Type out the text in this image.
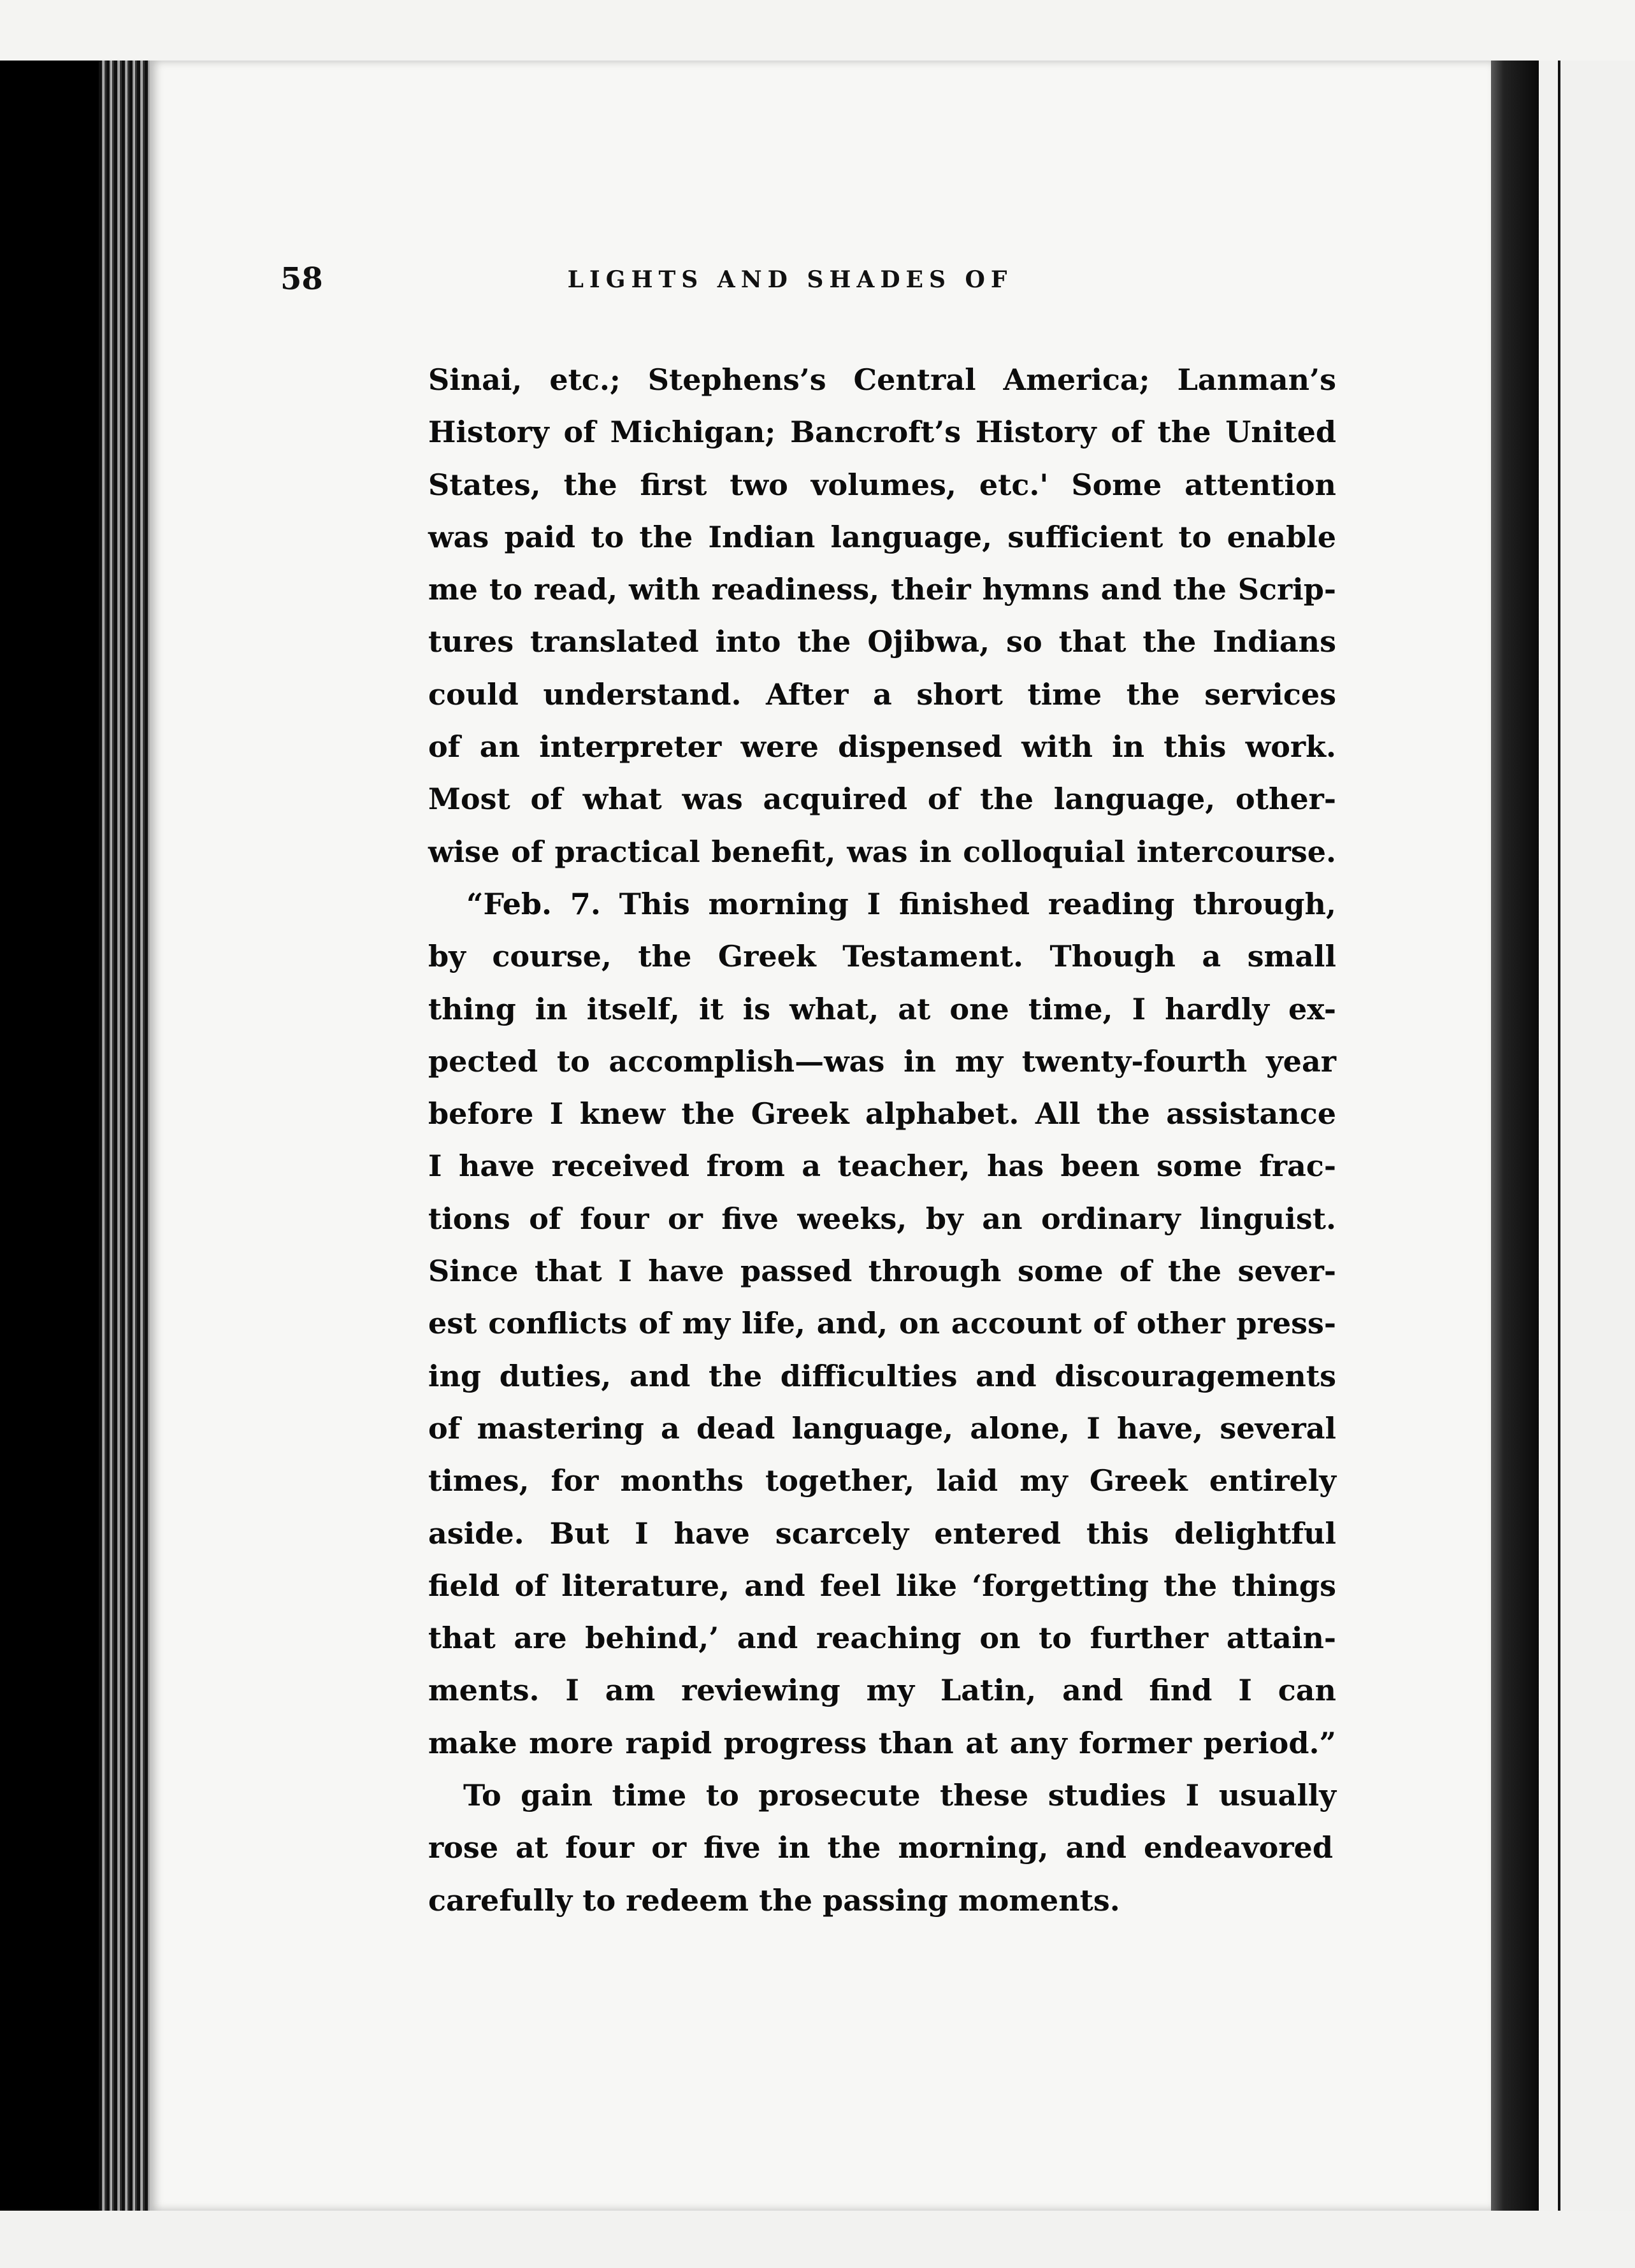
58	LIGHTS AND SHADES OF
Sinai, etc.; Stephens’s Central America; Lanman’s
History of Michigan; Bancroft’s History of the United
States, the first two volumes, etc.' Some attention
was paid to the Indian language, sufficient to enable
me to read, with readiness, their hymns and the Scrip-
tures translated into the Ojibwa, so that the Indians
could understand. After a short time the services
of an interpreter were dispensed with in this work.
Most of what was acquired of the language, other-
wise of practical benefit, was in colloquial intercourse.
“Feb. 7. This morning I finished reading through,
by course, the Greek Testament. Though a small
thing in itself, it is what, at one time, I hardly ex-
pected to accomplish—was in my twenty-fourth year
before I knew the Greek alphabet. All the assistance
I have received from a teacher, has been some frac-
tions of four or five weeks, by an ordinary linguist.
Since that I have passed through some of the sever-
est conflicts of my life, and, on account of other press-
ing duties, and the difficulties and discouragements
of mastering a dead language, alone, I have, several
times, for months together, laid my Greek entirely
aside. But I have scarcely entered this delightful
field of literature, and feel like ‘forgetting the things
that are behind,’ and reaching on to further attain-
ments. I am reviewing my Latin, and find I can
make more rapid progress than at any former period.”
To gain time to prosecute these studies I usually
rose at four or five in the morning, and endeavored
carefully to redeem the passing moments.
